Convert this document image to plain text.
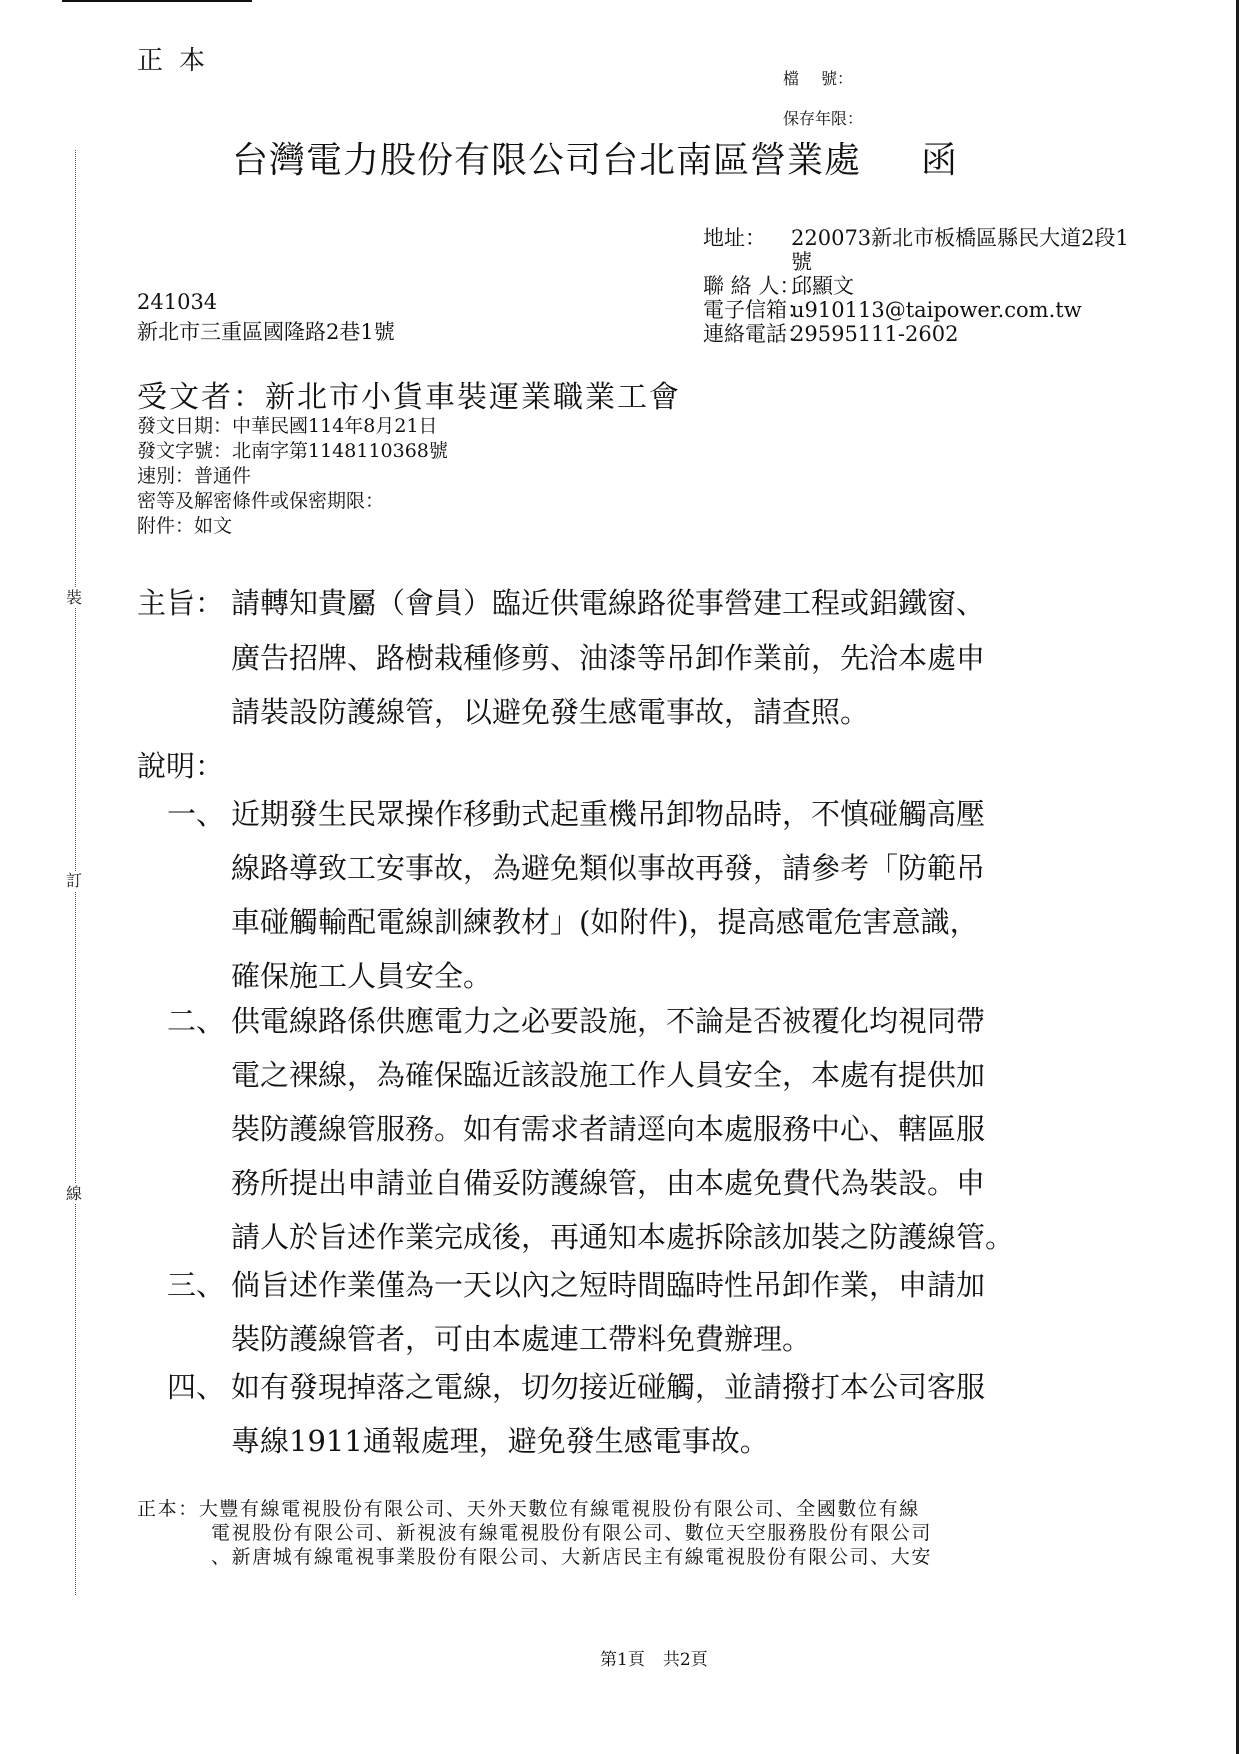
裝
訂
線
正本
檔 號：
保存年限：
台灣電力股份有限公司台北南區營業處 函
地址：	220073新北市板橋區縣民大道2段1
號
聯 絡 人：
邱顯文
電子信箱：
u910113@taipower.com.tw
連絡電話：
29595111-2602
241034
新北市三重區國隆路2巷1號
受文者：新北市小貨車裝運業職業工會
發文日期：中華民國114年8月21日
發文字號：北南字第1148110368號
速別：普通件
密等及解密條件或保密期限：
附件：如文
主旨： 請轉知貴屬（會員）臨近供電線路從事營建工程或鋁鐵窗、
廣告招牌、路樹栽種修剪、油漆等吊卸作業前，先洽本處申
請裝設防護線管，以避免發生感電事故，請查照。
說明：
一、 近期發生民眾操作移動式起重機吊卸物品時，不慎碰觸高壓
線路導致工安事故，為避免類似事故再發，請參考「防範吊
車碰觸輸配電線訓練教材」(如附件)，提高感電危害意識，
確保施工人員安全。
二、 供電線路係供應電力之必要設施，不論是否被覆化均視同帶
電之裸線，為確保臨近該設施工作人員安全，本處有提供加
裝防護線管服務。如有需求者請逕向本處服務中心、轄區服
務所提出申請並自備妥防護線管，由本處免費代為裝設。申
請人於旨述作業完成後，再通知本處拆除該加裝之防護線管。
三、 倘旨述作業僅為一天以內之短時間臨時性吊卸作業，申請加
裝防護線管者，可由本處連工帶料免費辦理。
四、 如有發現掉落之電線，切勿接近碰觸，並請撥打本公司客服
專線1911通報處理，避免發生感電事故。
正本：大豐有線電視股份有限公司、天外天數位有線電視股份有限公司、全國數位有線
電視股份有限公司、新視波有線電視股份有限公司、數位天空服務股份有限公司
、新唐城有線電視事業股份有限公司、大新店民主有線電視股份有限公司、大安
第1頁 共2頁
